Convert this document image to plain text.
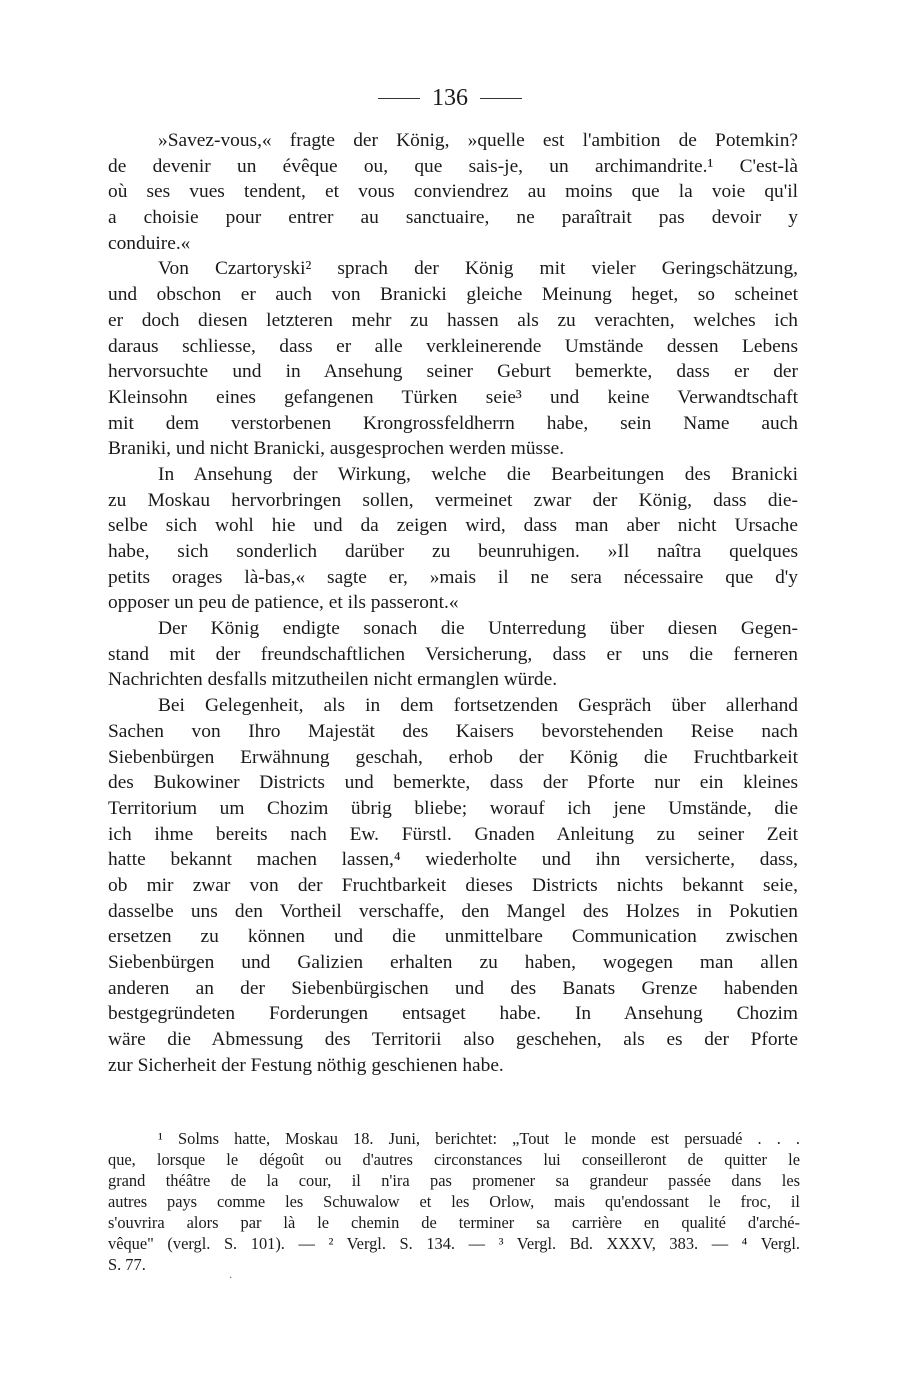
136
»Savez-vous,« fragte der König, »quelle est l'ambition de Potemkin?
de devenir un évêque ou, que sais-je, un archimandrite.¹ C'est-là
où ses vues tendent, et vous conviendrez au moins que la voie qu'il
a choisie pour entrer au sanctuaire, ne paraîtrait pas devoir y
conduire.«
Von Czartoryski² sprach der König mit vieler Geringschätzung,
und obschon er auch von Branicki gleiche Meinung heget, so scheinet
er doch diesen letzteren mehr zu hassen als zu verachten, welches ich
daraus schliesse, dass er alle verkleinerende Umstände dessen Lebens
hervorsuchte und in Ansehung seiner Geburt bemerkte, dass er der
Kleinsohn eines gefangenen Türken seie³ und keine Verwandtschaft
mit dem verstorbenen Krongrossfeldherrn habe, sein Name auch
Braniki, und nicht Branicki, ausgesprochen werden müsse.
In Ansehung der Wirkung, welche die Bearbeitungen des Branicki
zu Moskau hervorbringen sollen, vermeinet zwar der König, dass die-
selbe sich wohl hie und da zeigen wird, dass man aber nicht Ursache
habe, sich sonderlich darüber zu beunruhigen. »Il naîtra quelques
petits orages là-bas,« sagte er, »mais il ne sera nécessaire que d'y
opposer un peu de patience, et ils passeront.«
Der König endigte sonach die Unterredung über diesen Gegen-
stand mit der freundschaftlichen Versicherung, dass er uns die ferneren
Nachrichten desfalls mitzutheilen nicht ermanglen würde.
Bei Gelegenheit, als in dem fortsetzenden Gespräch über allerhand
Sachen von Ihro Majestät des Kaisers bevorstehenden Reise nach
Siebenbürgen Erwähnung geschah, erhob der König die Fruchtbarkeit
des Bukowiner Districts und bemerkte, dass der Pforte nur ein kleines
Territorium um Chozim übrig bliebe; worauf ich jene Umstände, die
ich ihme bereits nach Ew. Fürstl. Gnaden Anleitung zu seiner Zeit
hatte bekannt machen lassen,⁴ wiederholte und ihn versicherte, dass,
ob mir zwar von der Fruchtbarkeit dieses Districts nichts bekannt seie,
dasselbe uns den Vortheil verschaffe, den Mangel des Holzes in Pokutien
ersetzen zu können und die unmittelbare Communication zwischen
Siebenbürgen und Galizien erhalten zu haben, wogegen man allen
anderen an der Siebenbürgischen und des Banats Grenze habenden
bestgegründeten Forderungen entsaget habe. In Ansehung Chozim
wäre die Abmessung des Territorii also geschehen, als es der Pforte
zur Sicherheit der Festung nöthig geschienen habe.
¹ Solms hatte, Moskau 18. Juni, berichtet: „Tout le monde est persuadé . . .
que, lorsque le dégoût ou d'autres circonstances lui conseilleront de quitter le
grand théâtre de la cour, il n'ira pas promener sa grandeur passée dans les
autres pays comme les Schuwalow et les Orlow, mais qu'endossant le froc, il
s'ouvrira alors par là le chemin de terminer sa carrière en qualité d'arché-
vêque" (vergl. S. 101). — ² Vergl. S. 134. — ³ Vergl. Bd. XXXV, 383. — ⁴ Vergl.
S. 77.
·
